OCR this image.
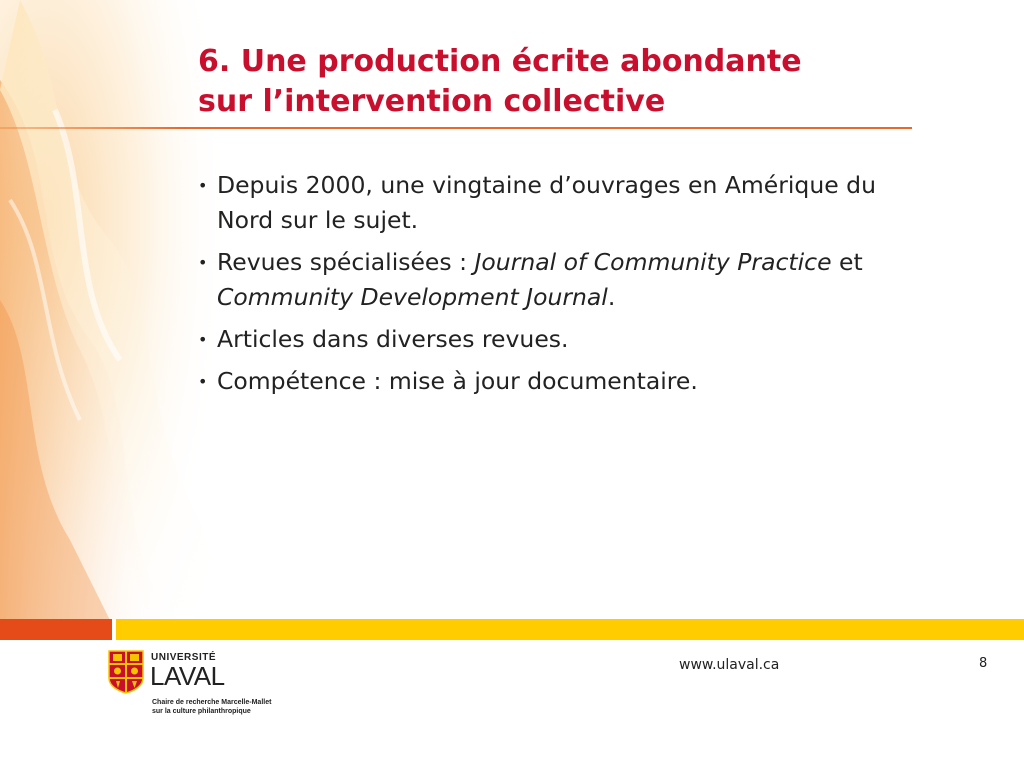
6. Une production écrite abondante
sur l’intervention collective
• Depuis 2000, une vingtaine d’ouvrages en Amérique du Nord sur le sujet.
• Revues spécialisées : Journal of Community Practice et Community Development Journal.
• Articles dans diverses revues.
• Compétence : mise à jour documentaire.
UNIVERSITÉ
LAVAL
Chaire de recherche Marcelle-Mallet
sur la culture philanthropique
www.ulaval.ca	8
